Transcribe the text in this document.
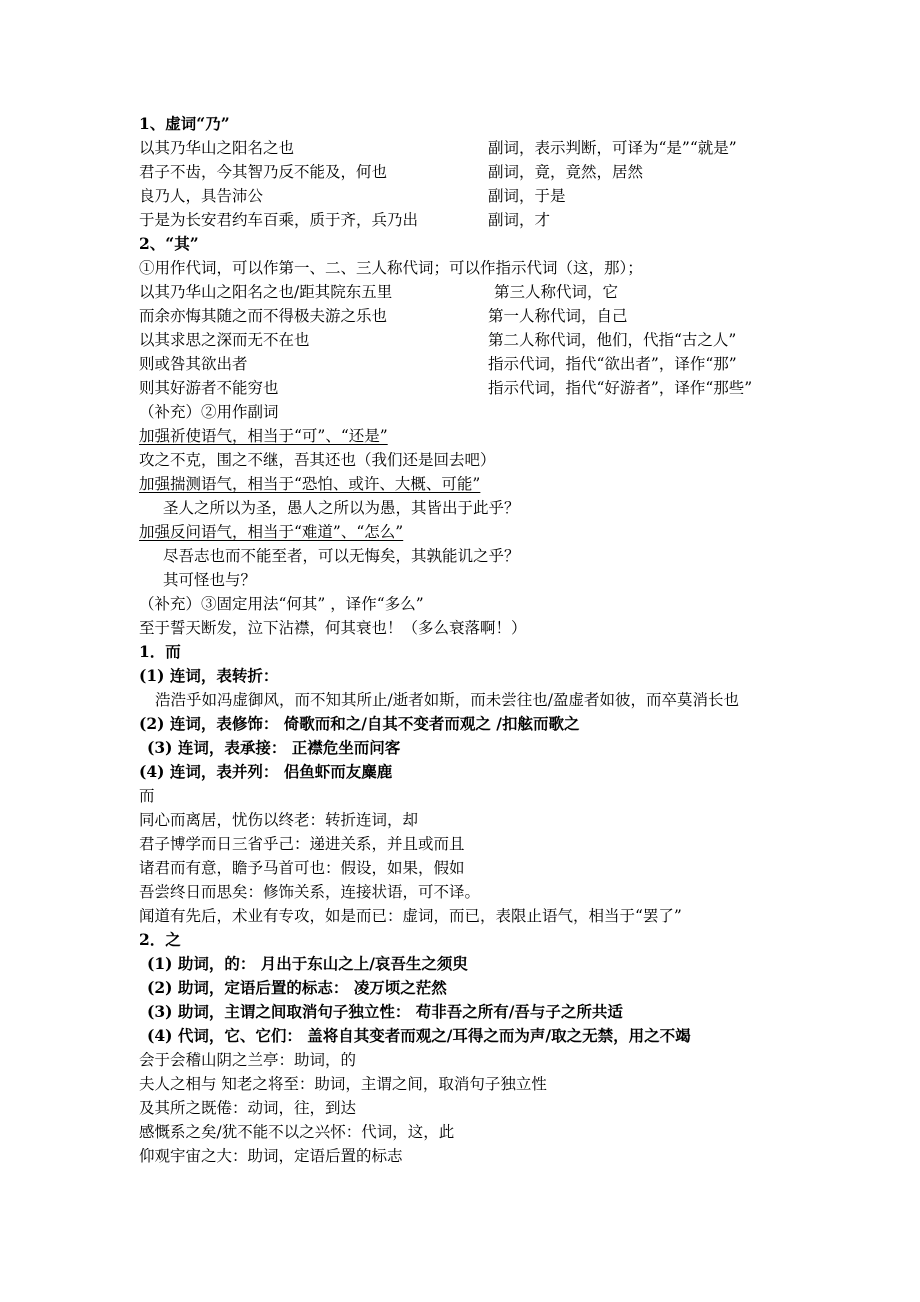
1、虚词“乃”
以其乃华山之阳名之也	副词，表示判断，可译为“是”“就是”
君子不齿，今其智乃反不能及，何也	副词，竟，竟然，居然
良乃人，具告沛公	副词，于是
于是为长安君约车百乘，质于齐，兵乃出	副词，才
2、“其”
①用作代词，可以作第一、二、三人称代词；可以作指示代词（这，那）；
以其乃华山之阳名之也/距其院东五里	第三人称代词，它
而余亦悔其随之而不得极夫游之乐也	第一人称代词，自己
以其求思之深而无不在也	第二人称代词，他们，代指“古之人”
则或咎其欲出者	指示代词，指代“欲出者”，译作“那”
则其好游者不能穷也	指示代词，指代“好游者”，译作“那些”
（补充）②用作副词
加强祈使语气，相当于“可”、“还是”
攻之不克，围之不继，吾其还也（我们还是回去吧）
加强揣测语气，相当于“恐怕、或许、大概、可能”
圣人之所以为圣，愚人之所以为愚，其皆出于此乎？
加强反问语气，相当于“难道”、“怎么”
尽吾志也而不能至者，可以无悔矣，其孰能讥之乎？
其可怪也与？
（补充）③固定用法“何其” ，译作“多么”
至于誓天断发，泣下沾襟，何其衰也！（多么衰落啊！）
1．而
(1) 连词，表转折：
浩浩乎如冯虚御风，而不知其所止/逝者如斯，而未尝往也/盈虚者如彼，而卒莫消长也
(2) 连词，表修饰： 倚歌而和之/自其不变者而观之 /扣舷而歌之
(3) 连词，表承接： 正襟危坐而问客
(4) 连词，表并列： 侣鱼虾而友麋鹿
而
同心而离居，忧伤以终老：转折连词，却
君子博学而日三省乎己：递进关系，并且或而且
诸君而有意，瞻予马首可也：假设，如果，假如
吾尝终日而思矣：修饰关系，连接状语，可不译。
闻道有先后，术业有专攻，如是而已：虚词，而已，表限止语气，相当于“罢了”
2．之
(1) 助词，的： 月出于东山之上/哀吾生之须臾
(2) 助词，定语后置的标志： 凌万顷之茫然
(3) 助词，主谓之间取消句子独立性： 苟非吾之所有/吾与子之所共适
(4) 代词，它、它们： 盖将自其变者而观之/耳得之而为声/取之无禁，用之不竭
会于会稽山阴之兰亭：助词，的
夫人之相与 知老之将至：助词，主谓之间，取消句子独立性
及其所之既倦：动词，往，到达
感慨系之矣/犹不能不以之兴怀：代词，这，此
仰观宇宙之大：助词，定语后置的标志
